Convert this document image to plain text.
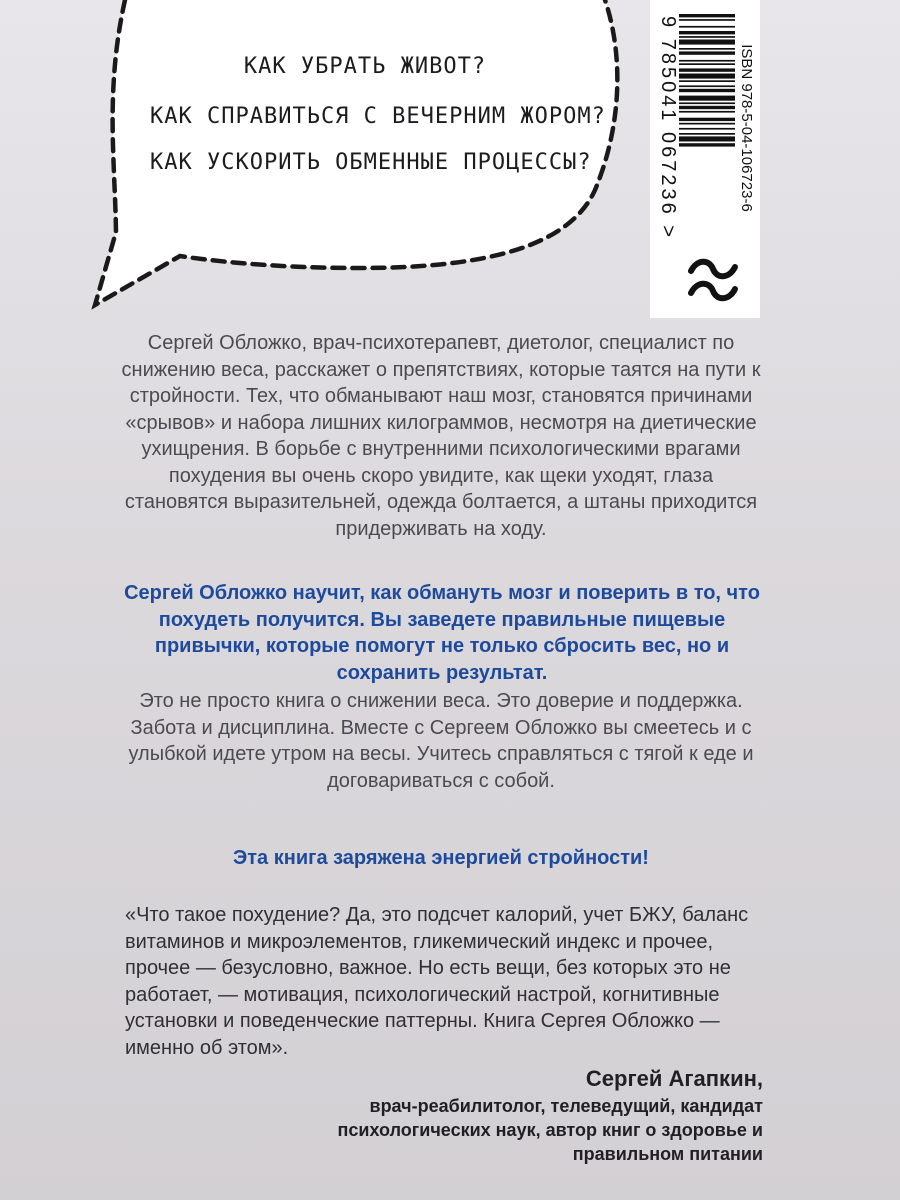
КАК УБРАТЬ ЖИВОТ?
КАК СПРАВИТЬСЯ С ВЕЧЕРНИМ ЖОРОМ?
КАК УСКОРИТЬ ОБМЕННЫЕ ПРОЦЕССЫ?	ISBN 978-5-04-106723-6
9 785041 067236 >

Сергей Обложко, врач-психотерапевт, диетолог, специалист по снижению веса, расскажет о препятствиях, которые таятся на пути к стройности. Тех, что обманывают наш мозг, становятся причинами «срывов» и набора лишних килограммов, несмотря на диетические ухищрения. В борьбе с внутренними психологическими врагами похудения вы очень скоро увидите, как щеки уходят, глаза становятся выразительней, одежда болтается, а штаны приходится придерживать на ходу.

Сергей Обложко научит, как обмануть мозг и поверить в то, что похудеть получится. Вы заведете правильные пищевые привычки, которые помогут не только сбросить вес, но и сохранить результат.

Это не просто книга о снижении веса. Это доверие и поддержка. Забота и дисциплина. Вместе с Сергеем Обложко вы смеетесь и с улыбкой идете утром на весы. Учитесь справляться с тягой к еде и договариваться с собой.

Эта книга заряжена энергией стройности!

«Что такое похудение? Да, это подсчет калорий, учет БЖУ, баланс витаминов и микроэлементов, гликемический индекс и прочее, прочее — безусловно, важное. Но есть вещи, без которых это не работает, — мотивация, психологический настрой, когнитивные установки и поведенческие паттерны. Книга Сергея Обложко — именно об этом».

Сергей Агапкин,

врач-реабилитолог, телеведущий, кандидат психологических наук, автор книг о здоровье и правильном питании
